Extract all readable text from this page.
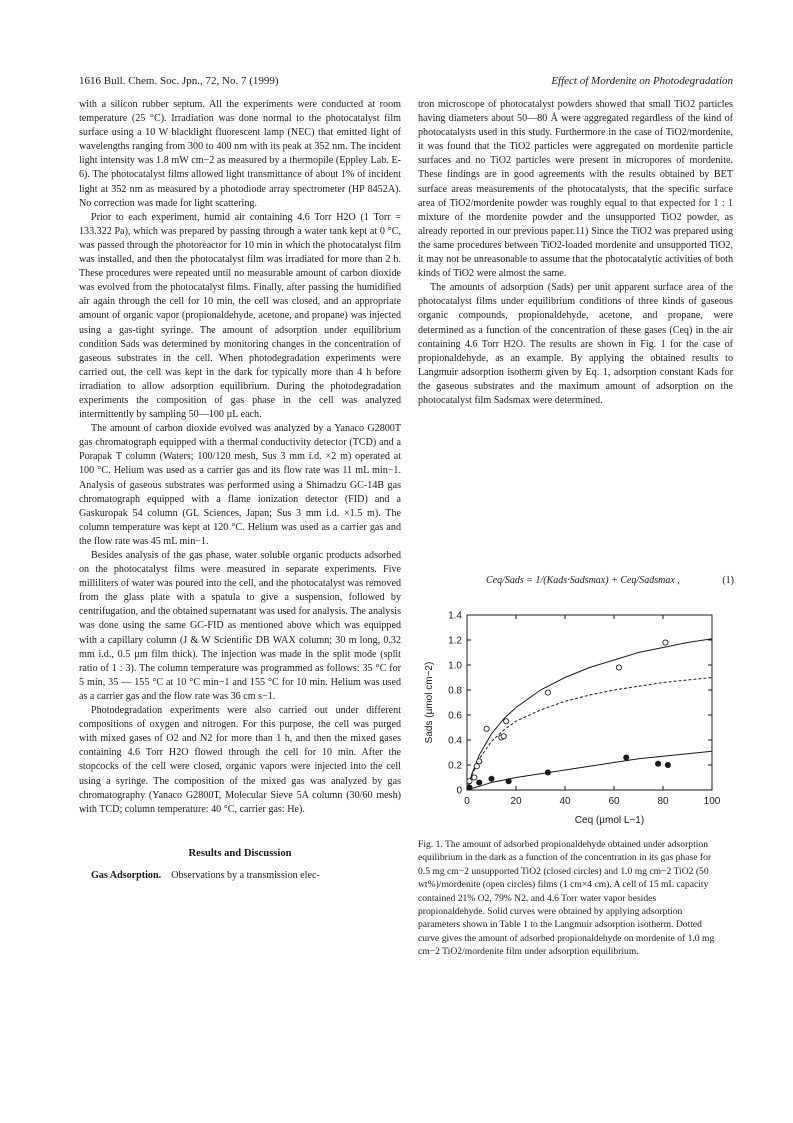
1616 Bull. Chem. Soc. Jpn., 72, No. 7 (1999)	Effect of Mordenite on Photodegradation

with a silicon rubber septum. All the experiments were conducted at room temperature (25 °C). Irradiation was done normal to the photocatalyst film surface using a 10 W blacklight fluorescent lamp (NEC) that emitted light of wavelengths ranging from 300 to 400 nm with its peak at 352 nm. The incident light intensity was 1.8 mW cm−2 as measured by a thermopile (Eppley Lab. E-6). The photocatalyst films allowed light transmittance of about 1% of incident light at 352 nm as measured by a photodiode array spectrometer (HP 8452A). No correction was made for light scattering.

Prior to each experiment, humid air containing 4.6 Torr H2O (1 Torr = 133.322 Pa), which was prepared by passing through a water tank kept at 0 °C, was passed through the photoreactor for 10 min in which the photocatalyst film was installed, and then the photocatalyst film was irradiated for more than 2 h. These procedures were repeated until no measurable amount of carbon dioxide was evolved from the photocatalyst films. Finally, after passing the humidified air again through the cell for 10 min, the cell was closed, and an appropriate amount of organic vapor (propionaldehyde, acetone, and propane) was injected using a gas-tight syringe. The amount of adsorption under equilibrium condition Sads was determined by monitoring changes in the concentration of gaseous substrates in the cell. When photodegradation experiments were carried out, the cell was kept in the dark for typically more than 4 h before irradiation to allow adsorption equilibrium. During the photodegradation experiments the composition of gas phase in the cell was analyzed intermittently by sampling 50—100 µL each.

The amount of carbon dioxide evolved was analyzed by a Yanaco G2800T gas chromatograph equipped with a thermal conductivity detector (TCD) and a Porapak T column (Waters; 100/120 mesh, Sus 3 mm i.d. ×2 m) operated at 100 °C. Helium was used as a carrier gas and its flow rate was 11 mL min−1. Analysis of gaseous substrates was performed using a Shimadzu GC-14B gas chromatograph equipped with a flame ionization detector (FID) and a Gaskuropak 54 column (GL Sciences, Japan; Sus 3 mm i.d. ×1.5 m). The column temperature was kept at 120 °C. Helium was used as a carrier gas and the flow rate was 45 mL min−1.

Besides analysis of the gas phase, water soluble organic products adsorbed on the photocatalyst films were measured in separate experiments. Five milliliters of water was poured into the cell, and the photocatalyst was removed from the glass plate with a spatula to give a suspension, followed by centrifugation, and the obtained supernatant was used for analysis. The analysis was done using the same GC-FID as mentioned above which was equipped with a capillary column (J & W Scientific DB WAX column; 30 m long, 0.32 mm i.d., 0.5 µm film thick). The injection was made in the split mode (split ratio of 1 : 3). The column temperature was programmed as follows: 35 °C for 5 min, 35 — 155 °C at 10 °C min−1 and 155 °C for 10 min. Helium was used as a carrier gas and the flow rate was 36 cm s−1.

Photodegradation experiments were also carried out under different compositions of oxygen and nitrogen. For this purpose, the cell was purged with mixed gases of O2 and N2 for more than 1 h, and then the mixed gases containing 4.6 Torr H2O flowed through the cell for 10 min. After the stopcocks of the cell were closed, organic vapors were injected into the cell using a syringe. The composition of the mixed gas was analyzed by gas chromatography (Yanaco G2800T, Molecular Sieve 5A column (30/60 mesh) with TCD; column temperature: 40 °C, carrier gas: He).

Results and Discussion

Gas Adsorption. Observations by a transmission elec-

tron microscope of photocatalyst powders showed that small TiO2 particles having diameters about 50—80 Å were aggregated regardless of the kind of photocatalysts used in this study. Furthermore in the case of TiO2/mordenite, it was found that the TiO2 particles were aggregated on mordenite particle surfaces and no TiO2 particles were present in micropores of mordenite. These findings are in good agreements with the results obtained by BET surface areas measurements of the photocatalysts, that the specific surface area of TiO2/mordenite powder was roughly equal to that expected for 1 : 1 mixture of the mordenite powder and the unsupported TiO2 powder, as already reported in our previous paper.11) Since the TiO2 was prepared using the same procedures between TiO2-loaded mordenite and unsupported TiO2, it may not be unreasonable to assume that the photocatalytic activities of both kinds of TiO2 were almost the same.

The amounts of adsorption (Sads) per unit apparent surface area of the photocatalyst films under equilibrium conditions of three kinds of gaseous organic compounds, propionaldehyde, acetone, and propane, were determined as a function of the concentration of these gases (Ceq) in the air containing 4.6 Torr H2O. The results are shown in Fig. 1 for the case of propionaldehyde, as an example. By applying the obtained results to Langmuir adsorption isotherm given by Eq. 1, adsorption constant Kads for the gaseous substrates and the maximum amount of adsorption on the photocatalyst film Sadsmax were determined.

Ceq/Sads = 1/(Kads·Sadsmax) + Ceq/Sadsmax ,	(1)
0	20	40	60	80	100
0
0.2
0.4
0.6
0.8
1.0
1.2
1.4
Ceq (µmol L−1)
Sads (µmol cm−2)
Fig. 1. The amount of adsorbed propionaldehyde obtained under adsorption equilibrium in the dark as a function of the concentration in its gas phase for 0.5 mg cm−2 unsupported TiO2 (closed circles) and 1.0 mg cm−2 TiO2 (50 wt%)/mordenite (open circles) films (1 cm×4 cm). A cell of 15 mL capacity contained 21% O2, 79% N2, and 4.6 Torr water vapor besides propionaldehyde. Solid curves were obtained by applying adsorption parameters shown in Table 1 to the Langmuir adsorption isotherm. Dotted curve gives the amount of adsorbed propionaldehyde on mordenite of 1.0 mg cm−2 TiO2/mordenite film under adsorption equilibrium.
